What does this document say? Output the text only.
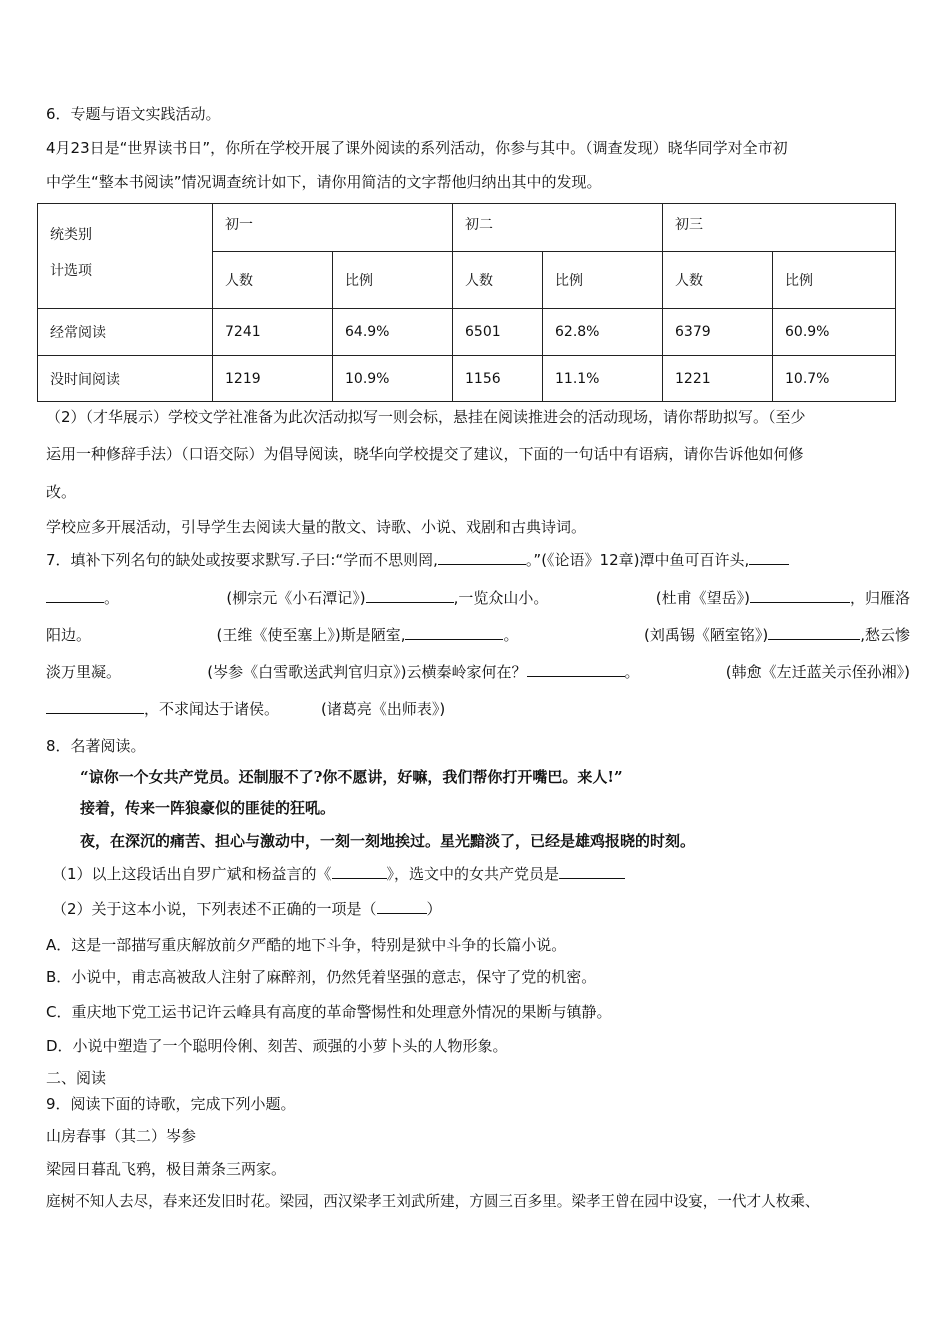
6．专题与语文实践活动。
4月23日是“世界读书日”，你所在学校开展了课外阅读的系列活动，你参与其中。（调查发现）晓华同学对全市初
中学生“整本书阅读”情况调查统计如下，请你用简洁的文字帮他归纳出其中的发现。
统类别
计选项	初一		初二		初三	
	人数	比例	人数	比例	人数	比例
经常阅读	7241	64.9%	6501	62.8%	6379	60.9%
没时间阅读	1219	10.9%	1156	11.1%	1221	10.7%
（2）（才华展示）学校文学社准备为此次活动拟写一则会标，悬挂在阅读推进会的活动现场，请你帮助拟写。（至少
运用一种修辞手法）（口语交际）为倡导阅读，晓华向学校提交了建议，下面的一句话中有语病，请你告诉他如何修
改。
学校应多开展活动，引导学生去阅读大量的散文、诗歌、小说、戏剧和古典诗词。
7．填补下列名句的缺处或按要求默写.子曰:“学而不思则罔,	。”(《论语》12章)潭中鱼可百许头,
。	(柳宗元《小石潭记》)	,一览众山小。	(杜甫《望岳》)	，归雁洛
阳边。	(王维《使至塞上》)斯是陋室,	。	(刘禹锡《陋室铭》)	,愁云惨
淡万里凝。	(岑参《白雪歌送武判官归京》)云横秦岭家何在？	。	(韩愈《左迁蓝关示侄孙湘》)
，不求闻达于诸侯。	(诸葛亮《出师表》)
8．名著阅读。
“谅你一个女共产党员。还制服不了?你不愿讲，好嘛，我们帮你打开嘴巴。来人!”
接着，传来一阵狼豪似的匪徒的狂吼。
夜，在深沉的痛苦、担心与激动中，一刻一刻地挨过。星光黯淡了，已经是雄鸡报晓的时刻。
（1）以上这段话出自罗广斌和杨益言的《	》，选文中的女共产党员是
（2）关于这本小说，下列表述不正确的一项是（	）
A．这是一部描写重庆解放前夕严酷的地下斗争，特别是狱中斗争的长篇小说。
B．小说中，甫志高被敌人注射了麻醉剂，仍然凭着坚强的意志，保守了党的机密。
C．重庆地下党工运书记许云峰具有高度的革命警惕性和处理意外情况的果断与镇静。
D．小说中塑造了一个聪明伶俐、刻苦、顽强的小萝卜头的人物形象。
二、阅读
9．阅读下面的诗歌，完成下列小题。
山房春事（其二）岑参
梁园日暮乱飞鸦，极目萧条三两家。
庭树不知人去尽，春来还发旧时花。梁园，西汉梁孝王刘武所建，方圆三百多里。梁孝王曾在园中设宴，一代才人枚乘、
